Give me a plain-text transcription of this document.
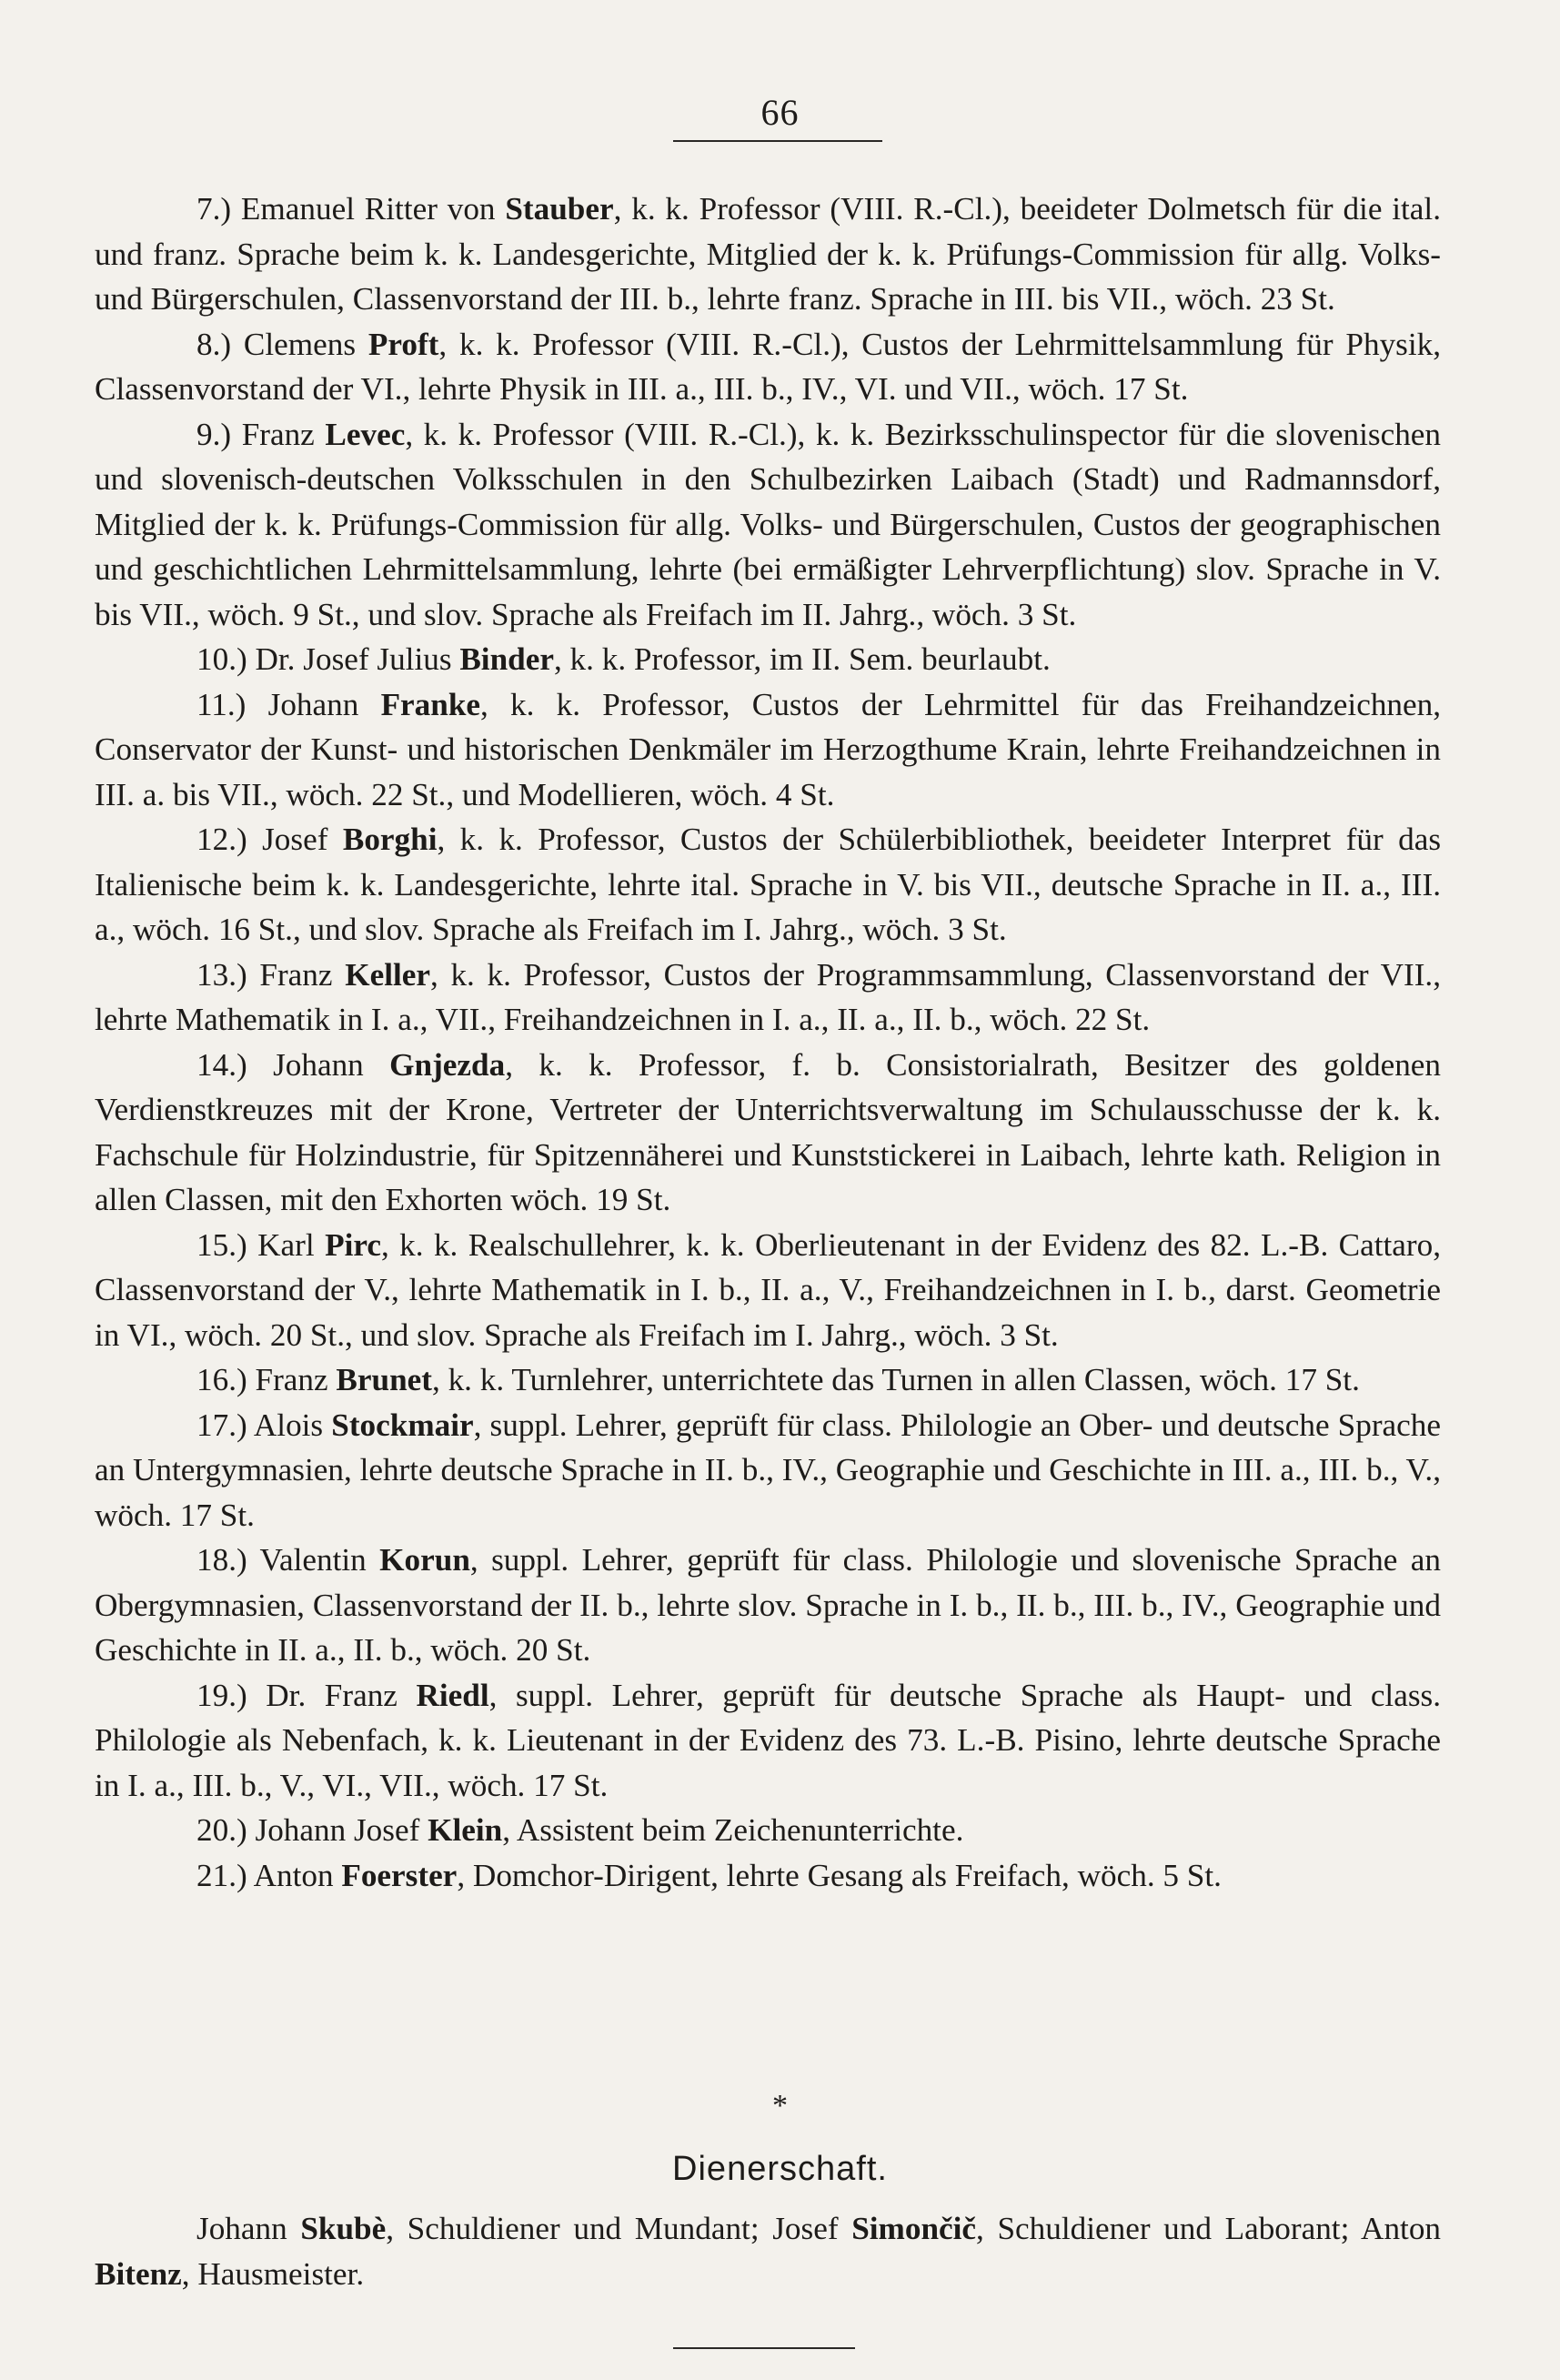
66

7.) Emanuel Ritter von Stauber, k. k. Professor (VIII. R.-Cl.), beeideter Dolmetsch für die ital. und franz. Sprache beim k. k. Landesgerichte, Mitglied der k. k. Prüfungs-Commission für allg. Volks- und Bürgerschulen, Classenvorstand der III. b., lehrte franz. Sprache in III. bis VII., wöch. 23 St.

8.) Clemens Proft, k. k. Professor (VIII. R.-Cl.), Custos der Lehrmittelsammlung für Physik, Classenvorstand der VI., lehrte Physik in III. a., III. b., IV., VI. und VII., wöch. 17 St.

9.) Franz Levec, k. k. Professor (VIII. R.-Cl.), k. k. Bezirksschulinspector für die slovenischen und slovenisch-deutschen Volksschulen in den Schulbezirken Laibach (Stadt) und Radmannsdorf, Mitglied der k. k. Prüfungs-Commission für allg. Volks- und Bürgerschulen, Custos der geographischen und geschichtlichen Lehrmittelsammlung, lehrte (bei ermäßigter Lehrverpflichtung) slov. Sprache in V. bis VII., wöch. 9 St., und slov. Sprache als Freifach im II. Jahrg., wöch. 3 St.

10.) Dr. Josef Julius Binder, k. k. Professor, im II. Sem. beurlaubt.

11.) Johann Franke, k. k. Professor, Custos der Lehrmittel für das Freihandzeichnen, Conservator der Kunst- und historischen Denkmäler im Herzogthume Krain, lehrte Freihandzeichnen in III. a. bis VII., wöch. 22 St., und Modellieren, wöch. 4 St.

12.) Josef Borghi, k. k. Professor, Custos der Schülerbibliothek, beeideter Interpret für das Italienische beim k. k. Landesgerichte, lehrte ital. Sprache in V. bis VII., deutsche Sprache in II. a., III. a., wöch. 16 St., und slov. Sprache als Freifach im I. Jahrg., wöch. 3 St.

13.) Franz Keller, k. k. Professor, Custos der Programmsammlung, Classenvorstand der VII., lehrte Mathematik in I. a., VII., Freihandzeichnen in I. a., II. a., II. b., wöch. 22 St.

14.) Johann Gnjezda, k. k. Professor, f. b. Consistorialrath, Besitzer des goldenen Verdienstkreuzes mit der Krone, Vertreter der Unterrichtsverwaltung im Schulausschusse der k. k. Fachschule für Holzindustrie, für Spitzennäherei und Kunststickerei in Laibach, lehrte kath. Religion in allen Classen, mit den Exhorten wöch. 19 St.

15.) Karl Pirc, k. k. Realschullehrer, k. k. Oberlieutenant in der Evidenz des 82. L.-B. Cattaro, Classenvorstand der V., lehrte Mathematik in I. b., II. a., V., Freihandzeichnen in I. b., darst. Geometrie in VI., wöch. 20 St., und slov. Sprache als Freifach im I. Jahrg., wöch. 3 St.

16.) Franz Brunet, k. k. Turnlehrer, unterrichtete das Turnen in allen Classen, wöch. 17 St.

17.) Alois Stockmair, suppl. Lehrer, geprüft für class. Philologie an Ober- und deutsche Sprache an Untergymnasien, lehrte deutsche Sprache in II. b., IV., Geographie und Geschichte in III. a., III. b., V., wöch. 17 St.

18.) Valentin Korun, suppl. Lehrer, geprüft für class. Philologie und slovenische Sprache an Obergymnasien, Classenvorstand der II. b., lehrte slov. Sprache in I. b., II. b., III. b., IV., Geographie und Geschichte in II. a., II. b., wöch. 20 St.

19.) Dr. Franz Riedl, suppl. Lehrer, geprüft für deutsche Sprache als Haupt- und class. Philologie als Nebenfach, k. k. Lieutenant in der Evidenz des 73. L.-B. Pisino, lehrte deutsche Sprache in I. a., III. b., V., VI., VII., wöch. 17 St.

20.) Johann Josef Klein, Assistent beim Zeichenunterrichte.

21.) Anton Foerster, Domchor-Dirigent, lehrte Gesang als Freifach, wöch. 5 St.

*
Dienerschaft.
Johann Skubè, Schuldiener und Mundant; Josef Simončič, Schuldiener und Laborant; Anton Bitenz, Hausmeister.
